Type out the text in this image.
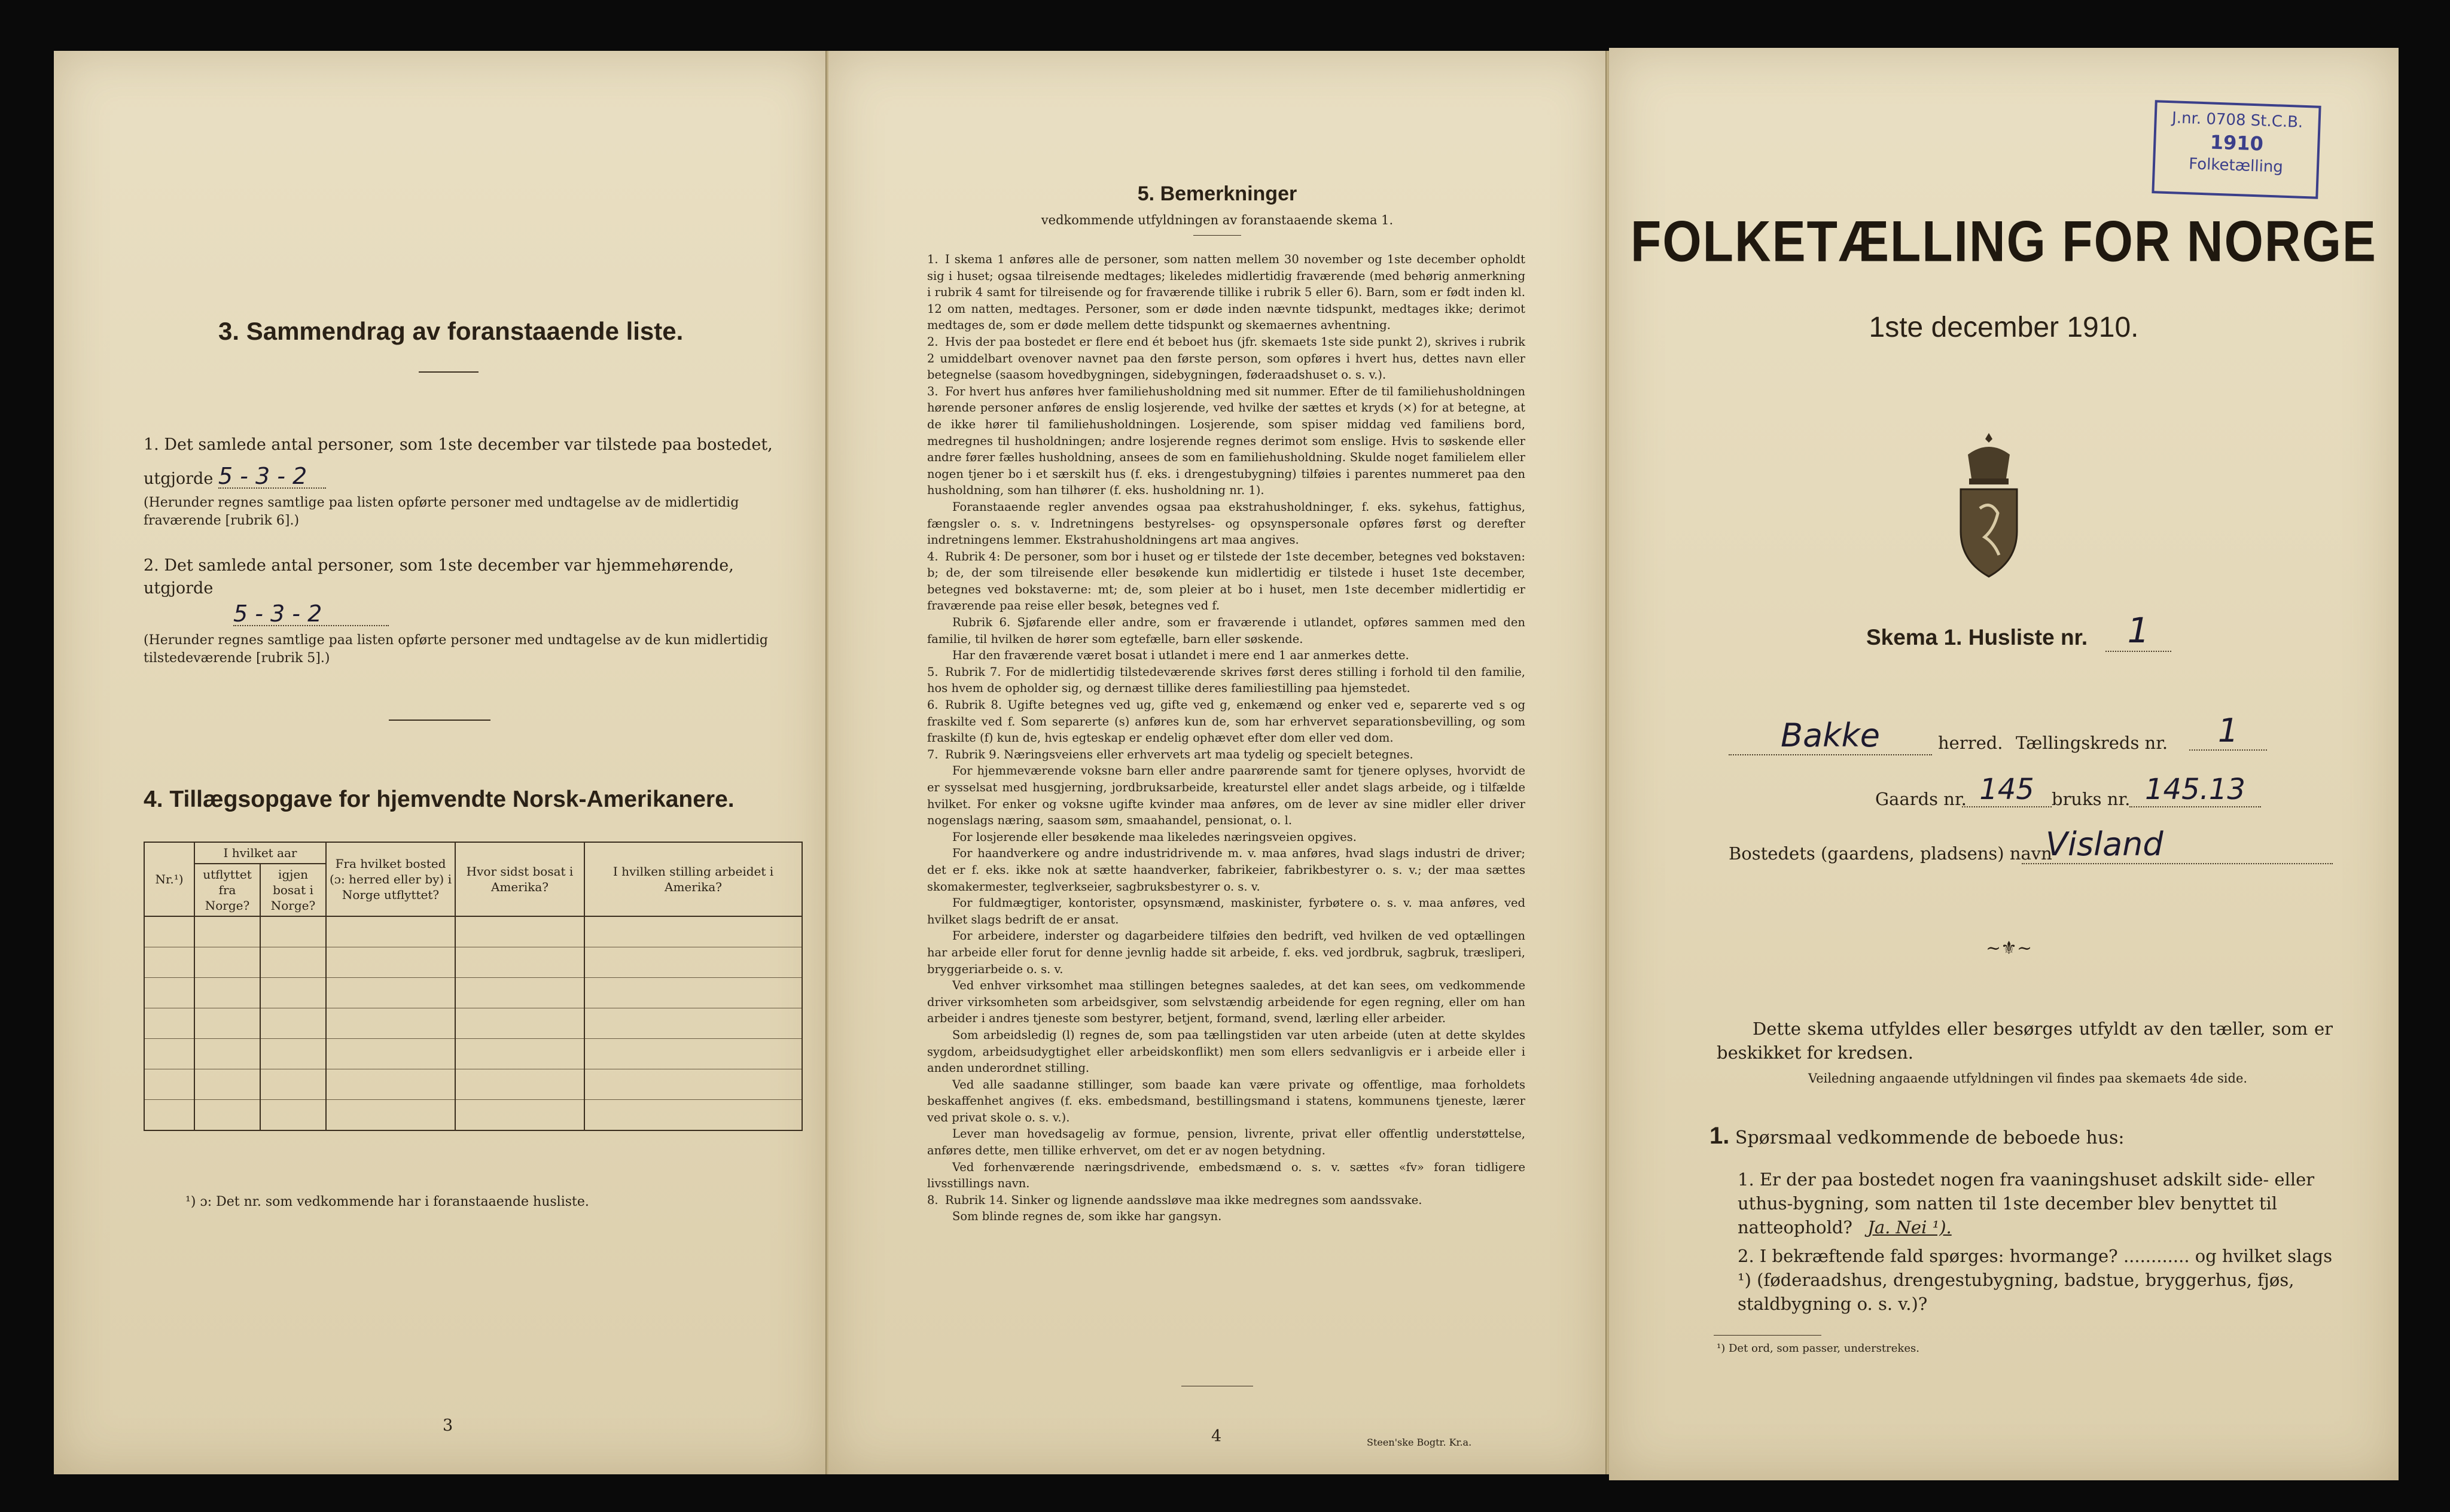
3. Sammendrag av foranstaaende liste.
1. Det samlede antal personer, som 1ste december var tilstede paa bostedet,
utgjorde 5 - 3 - 2
(Herunder regnes samtlige paa listen opførte personer med undtagelse av de midlertidig fraværende [rubrik 6].)
2. Det samlede antal personer, som 1ste december var hjemmehørende, utgjorde
5 - 3 - 2
(Herunder regnes samtlige paa listen opførte personer med undtagelse av de kun midlertidig tilstedeværende [rubrik 5].)
4. Tillægsopgave for hjemvendte Norsk-Amerikanere.
Nr.¹)	I hvilket aar		Fra hvilket bosted (ɔ: herred eller by) i Norge utflyttet?	Hvor sidst bosat i Amerika?	I hvilken stilling arbeidet i Amerika?
	utflyttet fra Norge?	igjen bosat i Norge?			

¹) ɔ: Det nr. som vedkommende har i foranstaaende husliste.
3
5. Bemerkninger
vedkommende utfyldningen av foranstaaende skema 1.

1. I skema 1 anføres alle de personer, som natten mellem 30 november og 1ste december opholdt sig i huset; ogsaa tilreisende medtages; likeledes midlertidig fraværende (med behørig anmerkning i rubrik 4 samt for tilreisende og for fraværende tillike i rubrik 5 eller 6). Barn, som er født inden kl. 12 om natten, medtages. Personer, som er døde inden nævnte tidspunkt, medtages ikke; derimot medtages de, som er døde mellem dette tidspunkt og skemaernes avhentning.

2. Hvis der paa bostedet er flere end ét beboet hus (jfr. skemaets 1ste side punkt 2), skrives i rubrik 2 umiddelbart ovenover navnet paa den første person, som opføres i hvert hus, dettes navn eller betegnelse (saasom hovedbygningen, sidebygningen, føderaadshuset o. s. v.).

3. For hvert hus anføres hver familiehusholdning med sit nummer. Efter de til familiehusholdningen hørende personer anføres de enslig losjerende, ved hvilke der sættes et kryds (×) for at betegne, at de ikke hører til familiehusholdningen. Losjerende, som spiser middag ved familiens bord, medregnes til husholdningen; andre losjerende regnes derimot som enslige. Hvis to søskende eller andre fører fælles husholdning, ansees de som en familiehusholdning. Skulde noget familielem eller nogen tjener bo i et særskilt hus (f. eks. i drengestubygning) tilføies i parentes nummeret paa den husholdning, som han tilhører (f. eks. husholdning nr. 1).

Foranstaaende regler anvendes ogsaa paa ekstrahusholdninger, f. eks. sykehus, fattighus, fængsler o. s. v. Indretningens bestyrelses- og opsynspersonale opføres først og derefter indretningens lemmer. Ekstrahusholdningens art maa angives.

4. Rubrik 4: De personer, som bor i huset og er tilstede der 1ste december, betegnes ved bokstaven: b; de, der som tilreisende eller besøkende kun midlertidig er tilstede i huset 1ste december, betegnes ved bokstaverne: mt; de, som pleier at bo i huset, men 1ste december midlertidig er fraværende paa reise eller besøk, betegnes ved f.

Rubrik 6. Sjøfarende eller andre, som er fraværende i utlandet, opføres sammen med den familie, til hvilken de hører som egtefælle, barn eller søskende.

Har den fraværende været bosat i utlandet i mere end 1 aar anmerkes dette.

5. Rubrik 7. For de midlertidig tilstedeværende skrives først deres stilling i forhold til den familie, hos hvem de opholder sig, og dernæst tillike deres familiestilling paa hjemstedet.

6. Rubrik 8. Ugifte betegnes ved ug, gifte ved g, enkemænd og enker ved e, separerte ved s og fraskilte ved f. Som separerte (s) anføres kun de, som har erhvervet separationsbevilling, og som fraskilte (f) kun de, hvis egteskap er endelig ophævet efter dom eller ved dom.

7. Rubrik 9. Næringsveiens eller erhvervets art maa tydelig og specielt betegnes.

For hjemmeværende voksne barn eller andre paarørende samt for tjenere oplyses, hvorvidt de er sysselsat med husgjerning, jordbruksarbeide, kreaturstel eller andet slags arbeide, og i tilfælde hvilket. For enker og voksne ugifte kvinder maa anføres, om de lever av sine midler eller driver nogenslags næring, saasom søm, smaahandel, pensionat, o. l.

For losjerende eller besøkende maa likeledes næringsveien opgives.

For haandverkere og andre industridrivende m. v. maa anføres, hvad slags industri de driver; det er f. eks. ikke nok at sætte haandverker, fabrikeier, fabrikbestyrer o. s. v.; der maa sættes skomakermester, teglverkseier, sagbruksbestyrer o. s. v.

For fuldmægtiger, kontorister, opsynsmænd, maskinister, fyrbøtere o. s. v. maa anføres, ved hvilket slags bedrift de er ansat.

For arbeidere, inderster og dagarbeidere tilføies den bedrift, ved hvilken de ved optællingen har arbeide eller forut for denne jevnlig hadde sit arbeide, f. eks. ved jordbruk, sagbruk, træsliperi, bryggeriarbeide o. s. v.

Ved enhver virksomhet maa stillingen betegnes saaledes, at det kan sees, om vedkommende driver virksomheten som arbeidsgiver, som selvstændig arbeidende for egen regning, eller om han arbeider i andres tjeneste som bestyrer, betjent, formand, svend, lærling eller arbeider.

Som arbeidsledig (l) regnes de, som paa tællingstiden var uten arbeide (uten at dette skyldes sygdom, arbeidsudygtighet eller arbeidskonflikt) men som ellers sedvanligvis er i arbeide eller i anden underordnet stilling.

Ved alle saadanne stillinger, som baade kan være private og offentlige, maa forholdets beskaffenhet angives (f. eks. embedsmand, bestillingsmand i statens, kommunens tjeneste, lærer ved privat skole o. s. v.).

Lever man hovedsagelig av formue, pension, livrente, privat eller offentlig understøttelse, anføres dette, men tillike erhvervet, om det er av nogen betydning.

Ved forhenværende næringsdrivende, embedsmænd o. s. v. sættes «fv» foran tidligere livsstillings navn.

8. Rubrik 14. Sinker og lignende aandssløve maa ikke medregnes som aandssvake.

Som blinde regnes de, som ikke har gangsyn.

4	Steen'ske Bogtr. Kr.a.
J.nr. 0708 St.C.B.
1910
Folketælling
FOLKETÆLLING FOR NORGE
1ste december 1910.
Skema 1. Husliste nr.	1
Bakke	herred. Tællingskreds nr.	1
Gaards nr. 145	bruks nr. 145.13
Bostedets (gaardens, pladsens) navn
Visland
~⚜~
Dette skema utfyldes eller besørges utfyldt av den tæller, som er beskikket for kredsen.
Veiledning angaaende utfyldningen vil findes paa skemaets 4de side.
1. Spørsmaal vedkommende de beboede hus:
1. Er der paa bostedet nogen fra vaaningshuset adskilt side- eller uthus-bygning, som natten til 1ste december blev benyttet til natteophold? Ja. Nei ¹).
2. I bekræftende fald spørges: hvormange? ............ og hvilket slags ¹) (føderaadshus, drengestubygning, badstue, bryggerhus, fjøs, staldbygning o. s. v.)?
¹) Det ord, som passer, understrekes.
